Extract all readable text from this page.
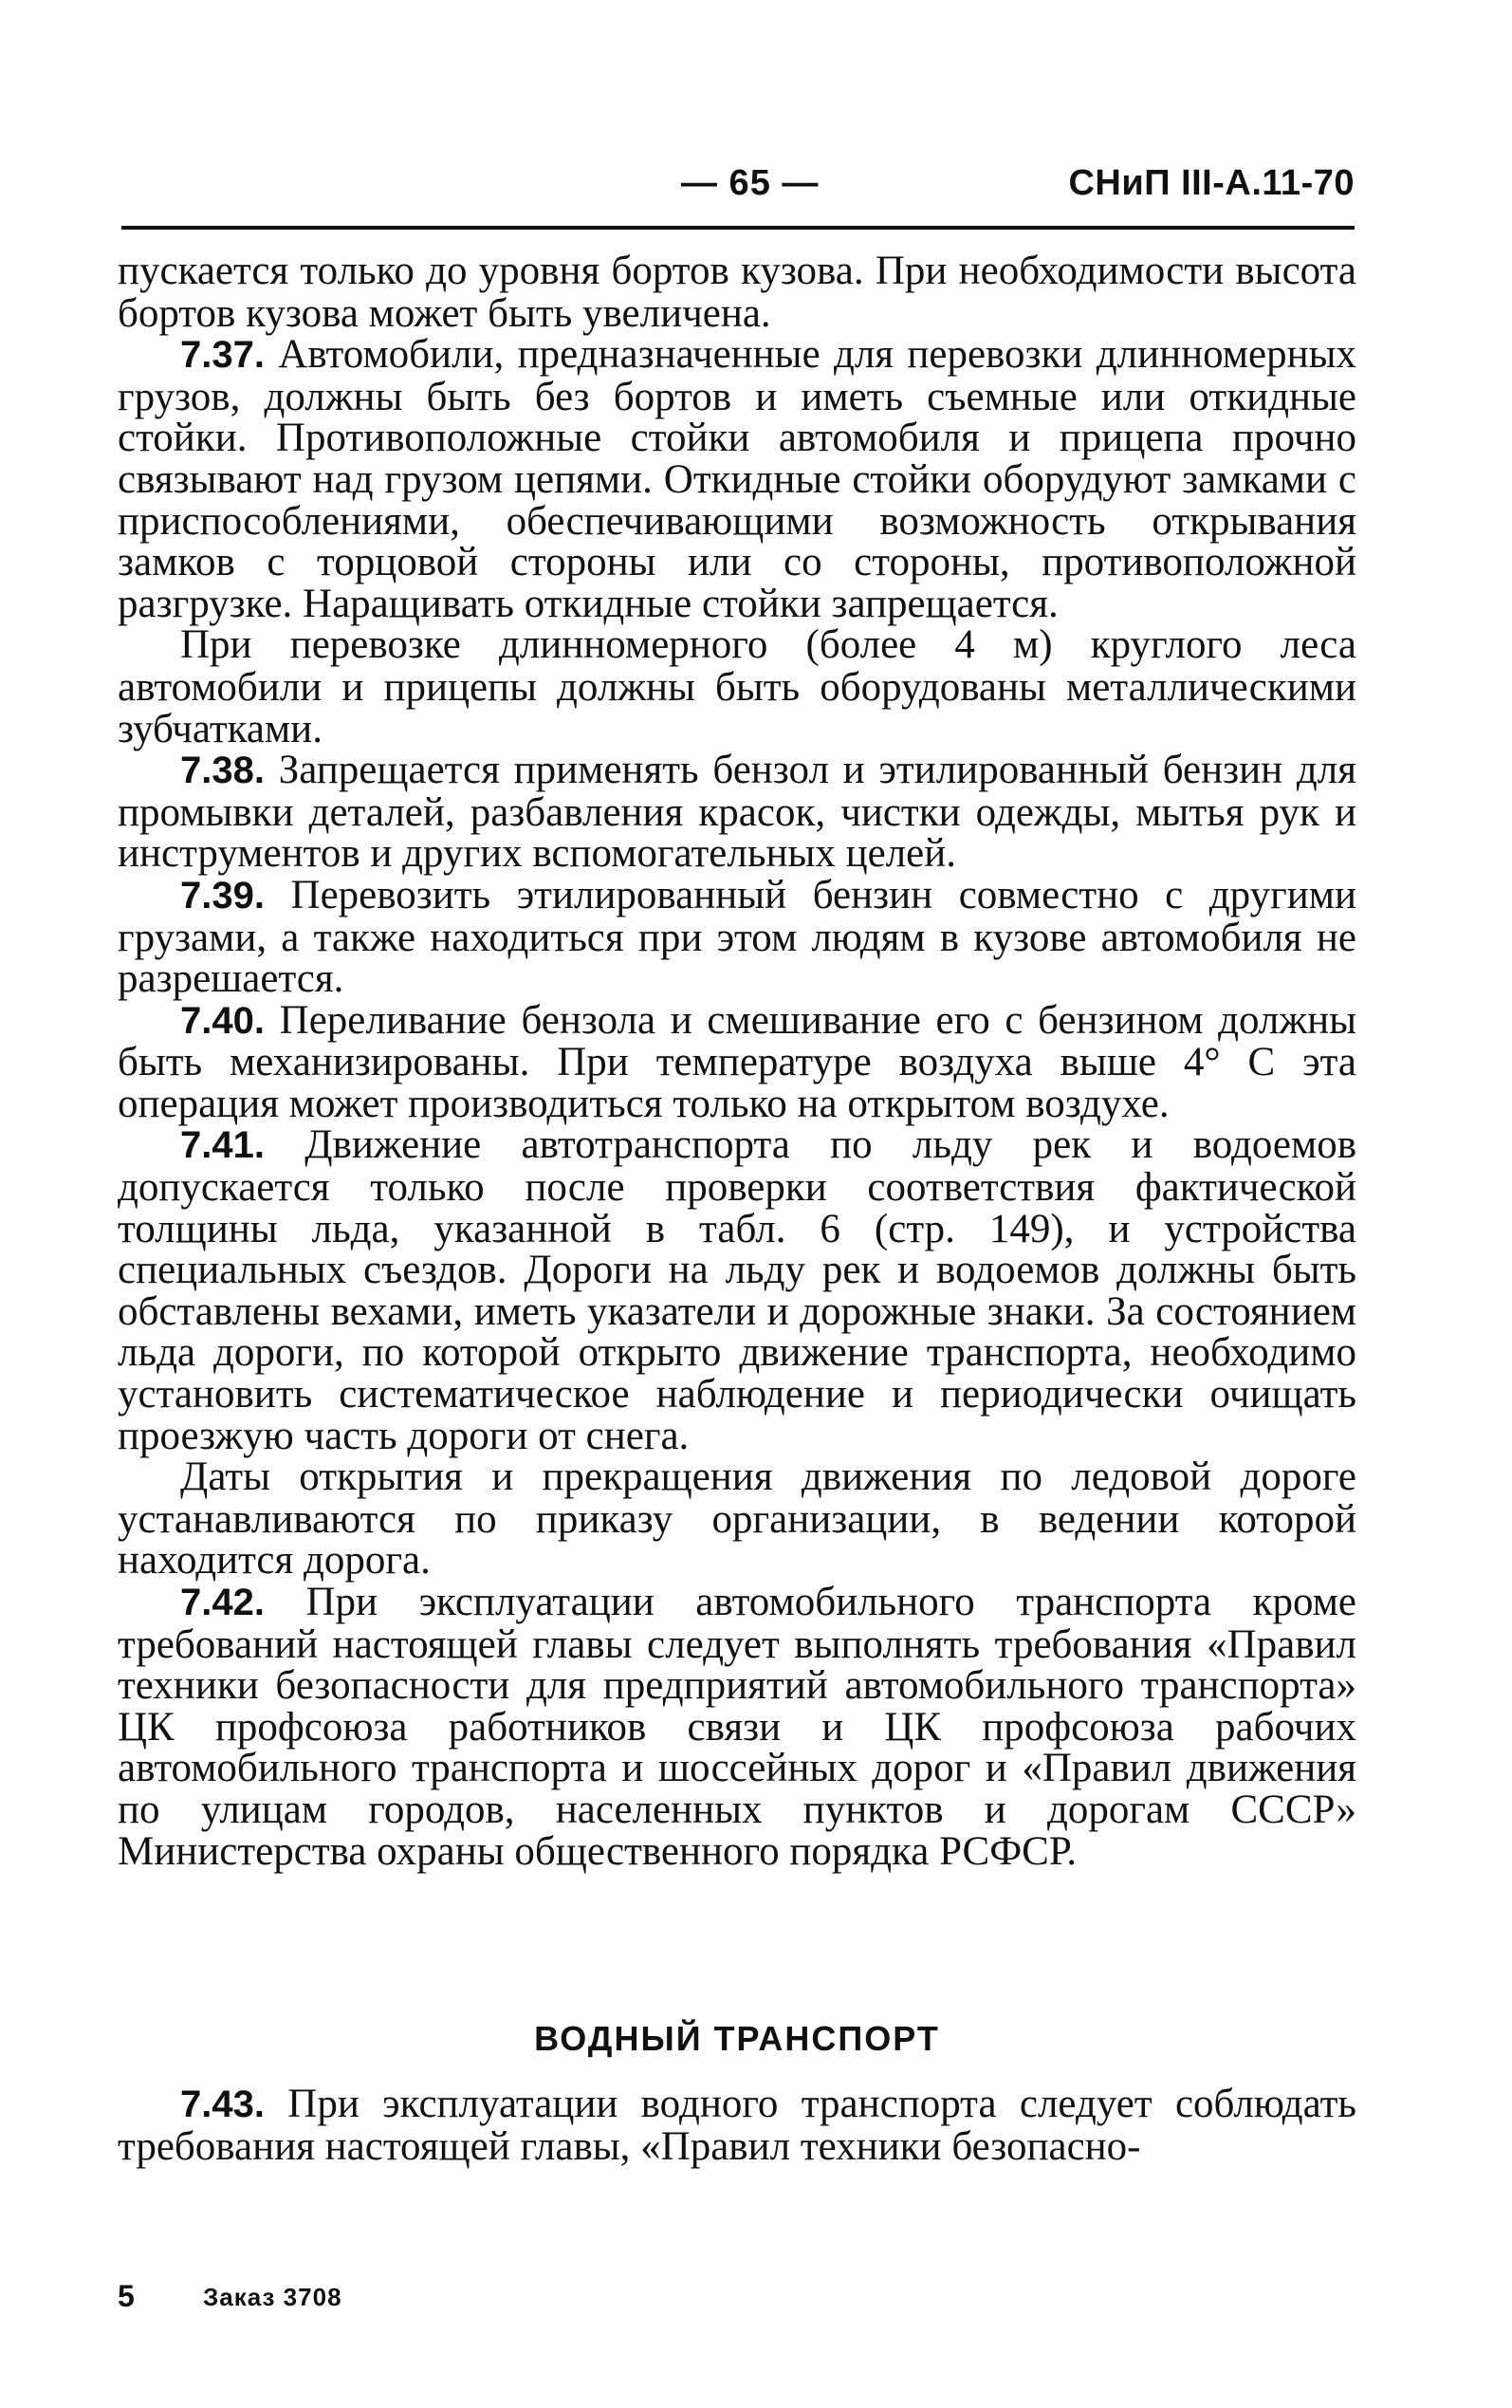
— 65 —	СНиП III-А.11-70

пускается только до уровня бортов кузова. При необходимости высота бортов кузова может быть увеличена.

7.37. Автомобили, предназначенные для перевозки длинномерных грузов, должны быть без бортов и иметь съемные или откидные стойки. Противоположные стойки автомобиля и прицепа прочно связывают над грузом цепями. Откидные стойки оборудуют замками с приспособлениями, обеспечивающими возможность открывания замков с торцовой стороны или со стороны, противоположной разгрузке. Наращивать откидные стойки запрещается.

При перевозке длинномерного (более 4 м) круглого леса автомобили и прицепы должны быть оборудованы металлическими зубчатками.

7.38. Запрещается применять бензол и этилированный бензин для промывки деталей, разбавления красок, чистки одежды, мытья рук и инструментов и других вспомогательных целей.

7.39. Перевозить этилированный бензин совместно с другими грузами, а также находиться при этом людям в кузове автомобиля не разрешается.

7.40. Переливание бензола и смешивание его с бензином должны быть механизированы. При температуре воздуха выше 4° С эта операция может производиться только на открытом воздухе.

7.41. Движение автотранспорта по льду рек и водоемов допускается только после проверки соответствия фактической толщины льда, указанной в табл. 6 (стр. 149), и устройства специальных съездов. Дороги на льду рек и водоемов должны быть обставлены вехами, иметь указатели и дорожные знаки. За состоянием льда дороги, по которой открыто движение транспорта, необходимо установить систематическое наблюдение и периодически очищать проезжую часть дороги от снега.

Даты открытия и прекращения движения по ледовой дороге устанавливаются по приказу организации, в ведении которой находится дорога.

7.42. При эксплуатации автомобильного транспорта кроме требований настоящей главы следует выполнять требования «Правил техники безопасности для предприятий автомобильного транспорта» ЦК профсоюза работников связи и ЦК профсоюза рабочих автомобильного транспорта и шоссейных дорог и «Правил движения по улицам городов, населенных пунктов и дорогам СССР» Министерства охраны общественного порядка РСФСР.

ВОДНЫЙ ТРАНСПОРТ

7.43. При эксплуатации водного транспорта следует соблюдать требования настоящей главы, «Правил техники безопасно-

5	Заказ 3708
